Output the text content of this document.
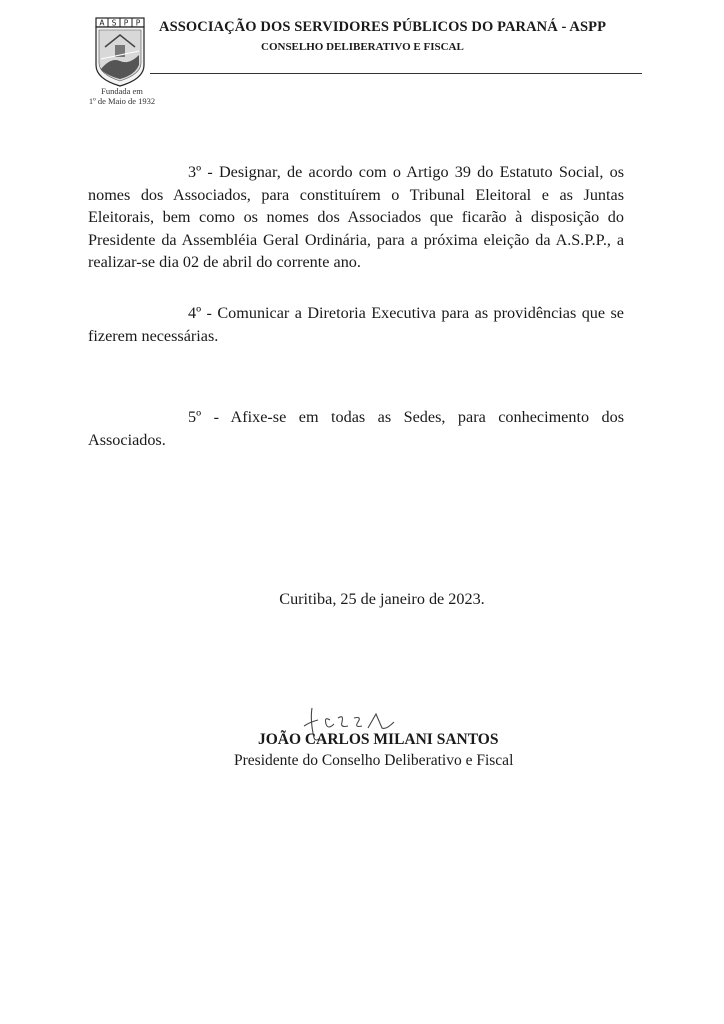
A S P P
Fundada em
1º de Maio de 1932
ASSOCIAÇÃO DOS SERVIDORES PÚBLICOS DO PARANÁ - ASPP
CONSELHO DELIBERATIVO E FISCAL

3º - Designar, de acordo com o Artigo 39 do Estatuto Social, os nomes dos Associados, para constituírem o Tribunal Eleitoral e as Juntas Eleitorais, bem como os nomes dos Associados que ficarão à disposição do Presidente da Assembléia Geral Ordinária, para a próxima eleição da A.S.P.P., a realizar-se dia 02 de abril do corrente ano.

4º - Comunicar a Diretoria Executiva para as providências que se fizerem necessárias.

5º - Afixe-se em todas as Sedes, para conhecimento dos Associados.

Curitiba, 25 de janeiro de 2023.
JOÃO CARLOS MILANI SANTOS
Presidente do Conselho Deliberativo e Fiscal
